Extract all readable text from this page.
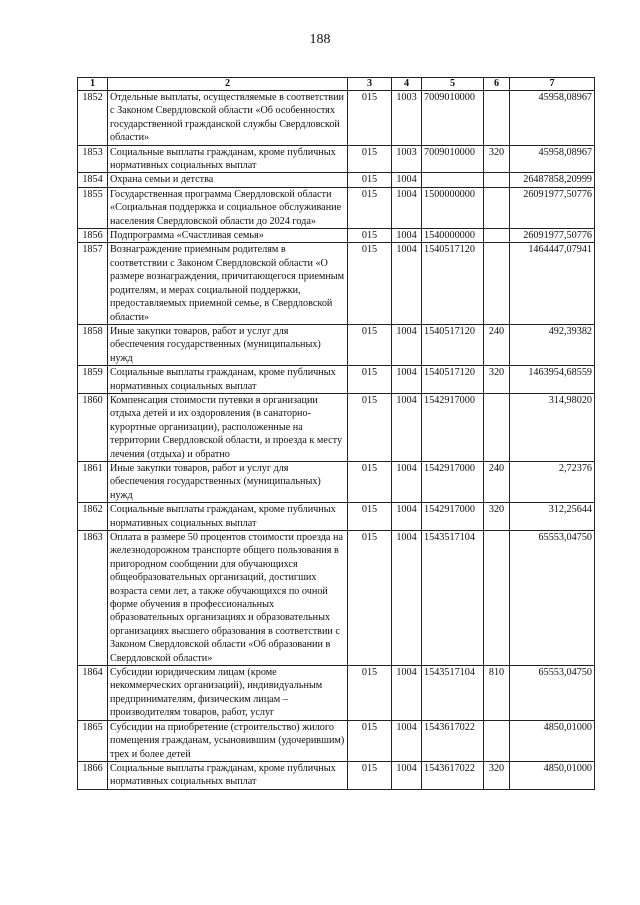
188
1	2	3	4	5	6	7
1852	Отдельные выплаты, осуществляемые в соответствии с Законом Свердловской области «Об особенностях государственной гражданской службы Свердловской области»	015	1003	7009010000		45958,08967
1853	Социальные выплаты гражданам, кроме публичных нормативных социальных выплат	015	1003	7009010000	320	45958,08967
1854	Охрана семьи и детства	015	1004			26487858,20999
1855	Государственная программа Свердловской области «Социальная поддержка и социальное обслуживание населения Свердловской области до 2024 года»	015	1004	1500000000		26091977,50776
1856	Подпрограмма «Счастливая семья»	015	1004	1540000000		26091977,50776
1857	Вознаграждение приемным родителям в соответствии с Законом Свердловской области «О размере вознаграждения, причитающегося приемным родителям, и мерах социальной поддержки, предоставляемых приемной семье, в Свердловской области»	015	1004	1540517120		1464447,07941
1858	Иные закупки товаров, работ и услуг для обеспечения государственных (муниципальных) нужд	015	1004	1540517120	240	492,39382
1859	Социальные выплаты гражданам, кроме публичных нормативных социальных выплат	015	1004	1540517120	320	1463954,68559
1860	Компенсация стоимости путевки в организации отдыха детей и их оздоровления (в санаторно-курортные организации), расположенные на территории Свердловской области, и проезда к месту лечения (отдыха) и обратно	015	1004	1542917000		314,98020
1861	Иные закупки товаров, работ и услуг для обеспечения государственных (муниципальных) нужд	015	1004	1542917000	240	2,72376
1862	Социальные выплаты гражданам, кроме публичных нормативных социальных выплат	015	1004	1542917000	320	312,25644
1863	Оплата в размере 50 процентов стоимости проезда на железнодорожном транспорте общего пользования в пригородном сообщении для обучающихся общеобразовательных организаций, достигших возраста семи лет, а также обучающихся по очной форме обучения в профессиональных образовательных организациях и образовательных организациях высшего образования в соответствии с Законом Свердловской области «Об образовании в Свердловской области»	015	1004	1543517104		65553,04750
1864	Субсидии юридическим лицам (кроме некоммерческих организаций), индивидуальным предпринимателям, физическим лицам – производителям товаров, работ, услуг	015	1004	1543517104	810	65553,04750
1865	Субсидии на приобретение (строительство) жилого помещения гражданам, усыновившим (удочерившим) трех и более детей	015	1004	1543617022		4850,01000
1866	Социальные выплаты гражданам, кроме публичных нормативных социальных выплат	015	1004	1543617022	320	4850,01000
